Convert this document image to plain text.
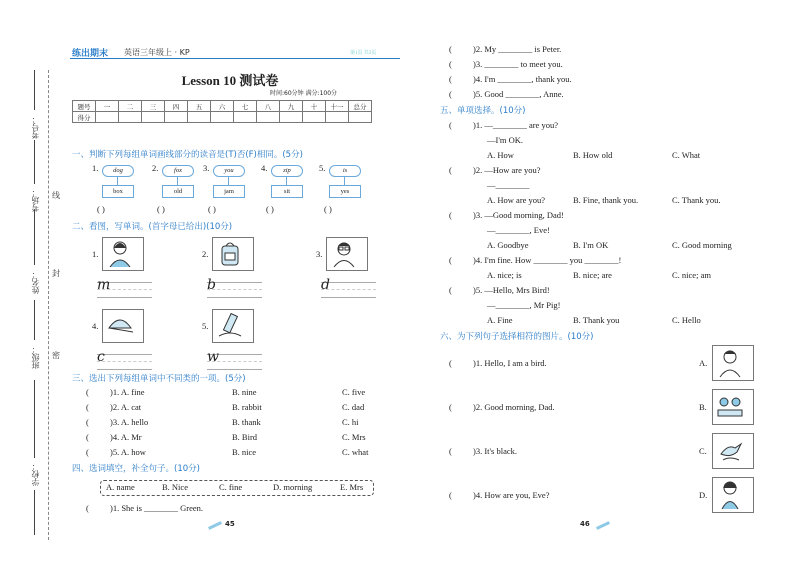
考号：
考场：
姓名：
班级：
学校：
线
封
密
练出期末 英语三年级上 · KP	第1页 共2页
Lesson 10 测试卷
时间:60分钟 满分:100分
题号	一	二	三	四	五	六	七	八	九	十	十一	总分
得分												
一、判断下列每组单词画线部分的读音是(T)否(F)相同。(5分)
1.	dog
box
( )
2.	fox
old
( )
3.	you
jam
( )
4.	zip
sit
( )
5.	is
yes
( )
二、看图，写单词。(首字母已给出)(10分)
1.
m
2.
b
3.
d
4.
c
5.
w
三、选出下列每组单词中不同类的一项。(5分)
( )1. A. fine	B. nine	C. five
( )2. A. cat	B. rabbit	C. dad
( )3. A. hello	B. thank	C. hi
( )4. A. Mr	B. Bird	C. Mrs
( )5. A. how	B. nice	C. what
四、选词填空，补全句子。(10分)
A. name	B. Nice	C. fine	D. morning	E. Mrs
( )1. She is ________ Green.
( )2. My ________ is Peter.
( )3. ________ to meet you.
( )4. I'm ________, thank you.
( )5. Good ________, Anne.
45	46
五、单项选择。(10分)
( )1. —________ are you?
—I'm OK.
A. How	B. How old	C. What
( )2. —How are you?
—________
A. How are you?	B. Fine, thank you.	C. Thank you.
( )3. —Good morning, Dad!
—________, Eve!
A. Goodbye	B. I'm OK	C. Good morning
( )4. I'm fine. How ________ you ________!
A. nice; is	B. nice; are	C. nice; am
( )5. —Hello, Mrs Bird!
—________, Mr Pig!
A. Fine	B. Thank you	C. Hello
六、为下列句子选择相符的图片。(10分)
( )1. Hello, I am a bird.	A.
( )2. Good morning, Dad.	B.
( )3. It's black.	C.
( )4. How are you, Eve?	D.
